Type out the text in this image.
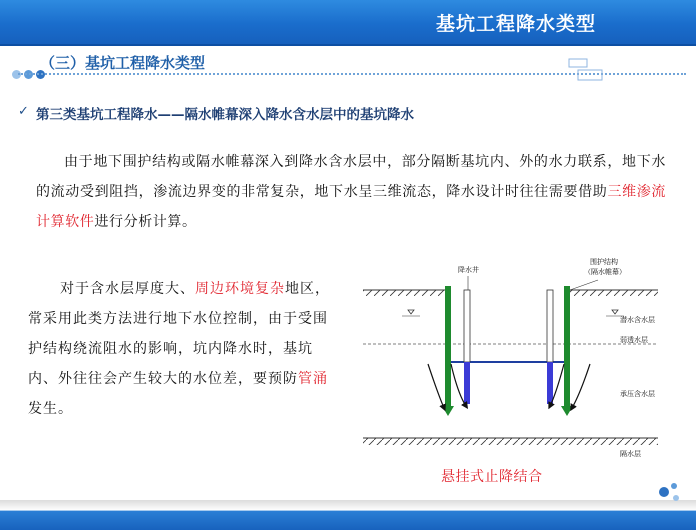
基坑工程降水类型
（三）基坑工程降水类型
✓ 第三类基坑工程降水——隔水帷幕深入降水含水层中的基坑降水
由于地下围护结构或隔水帷幕深入到降水含水层中，部分隔断基坑内、外的水力联系，地下水的流动受到阻挡，渗流边界变的非常复杂，地下水呈三维流态，降水设计时往往需要借助三维渗流计算软件进行分析计算。
对于含水层厚度大、周边环境复杂地区，常采用此类方法进行地下水位控制，由于受围护结构绕流阻水的影响，坑内降水时，基坑内、外往往会产生较大的水位差，要预防管涌发生。
降水井
围护结构
（隔水帷幕）
潜水含水层
弱透水层
承压含水层
隔水层
悬挂式止降结合
